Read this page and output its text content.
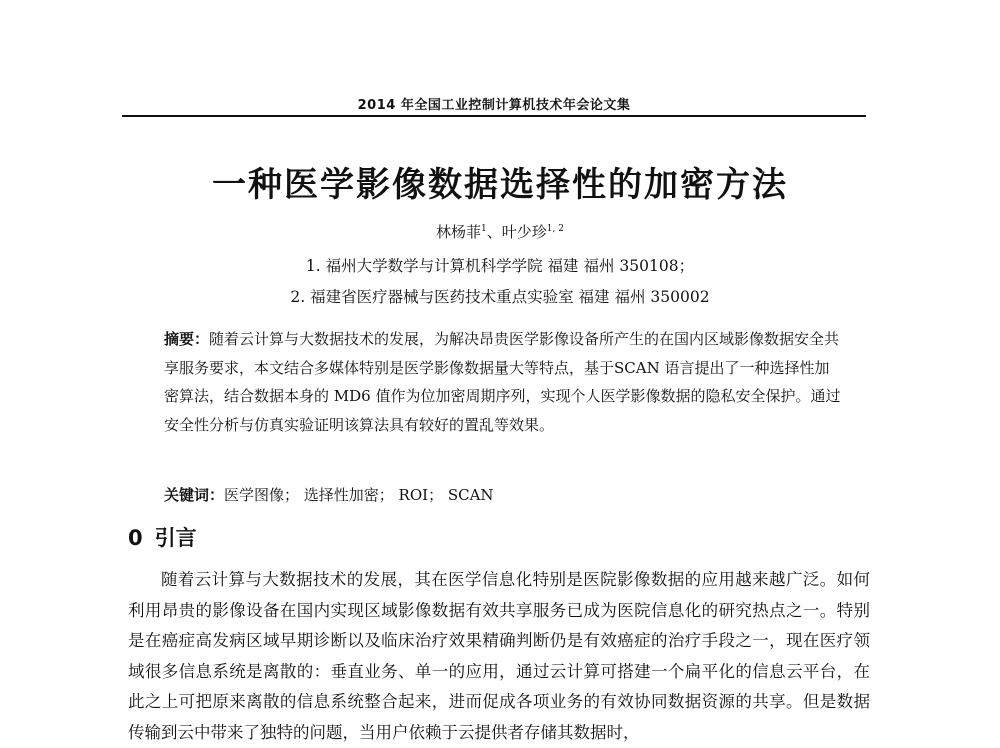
2014 年全国工业控制计算机技术年会论文集
一种医学影像数据选择性的加密方法
林杨菲$^1$、叶少珍$^{1, 2}$
1. 福州大学数学与计算机科学学院 福建 福州 350108；
2. 福建省医疗器械与医药技术重点实验室 福建 福州 350002

摘要：随着云计算与大数据技术的发展，为解决昂贵医学影像设备所产生的在国内区域影像数据安全共享服务要求，本文结合多媒体特别是医学影像数据量大等特点，基于SCAN 语言提出了一种选择性加密算法，结合数据本身的 MD6 值作为位加密周期序列，实现个人医学影像数据的隐私安全保护。通过安全性分析与仿真实验证明该算法具有较好的置乱等效果。

关键词：医学图像； 选择性加密； ROI； SCAN
0 引言

随着云计算与大数据技术的发展，其在医学信息化特别是医院影像数据的应用越来越广泛。如何利用昂贵的影像设备在国内实现区域影像数据有效共享服务已成为医院信息化的研究热点之一。特别是在癌症高发病区域早期诊断以及临床治疗效果精确判断仍是有效癌症的治疗手段之一，现在医疗领域很多信息系统是离散的：垂直业务、单一的应用，通过云计算可搭建一个扁平化的信息云平台，在此之上可把原来离散的信息系统整合起来，进而促成各项业务的有效协同数据资源的共享。但是数据传输到云中带来了独特的问题，当用户依赖于云提供者存储其数据时，
